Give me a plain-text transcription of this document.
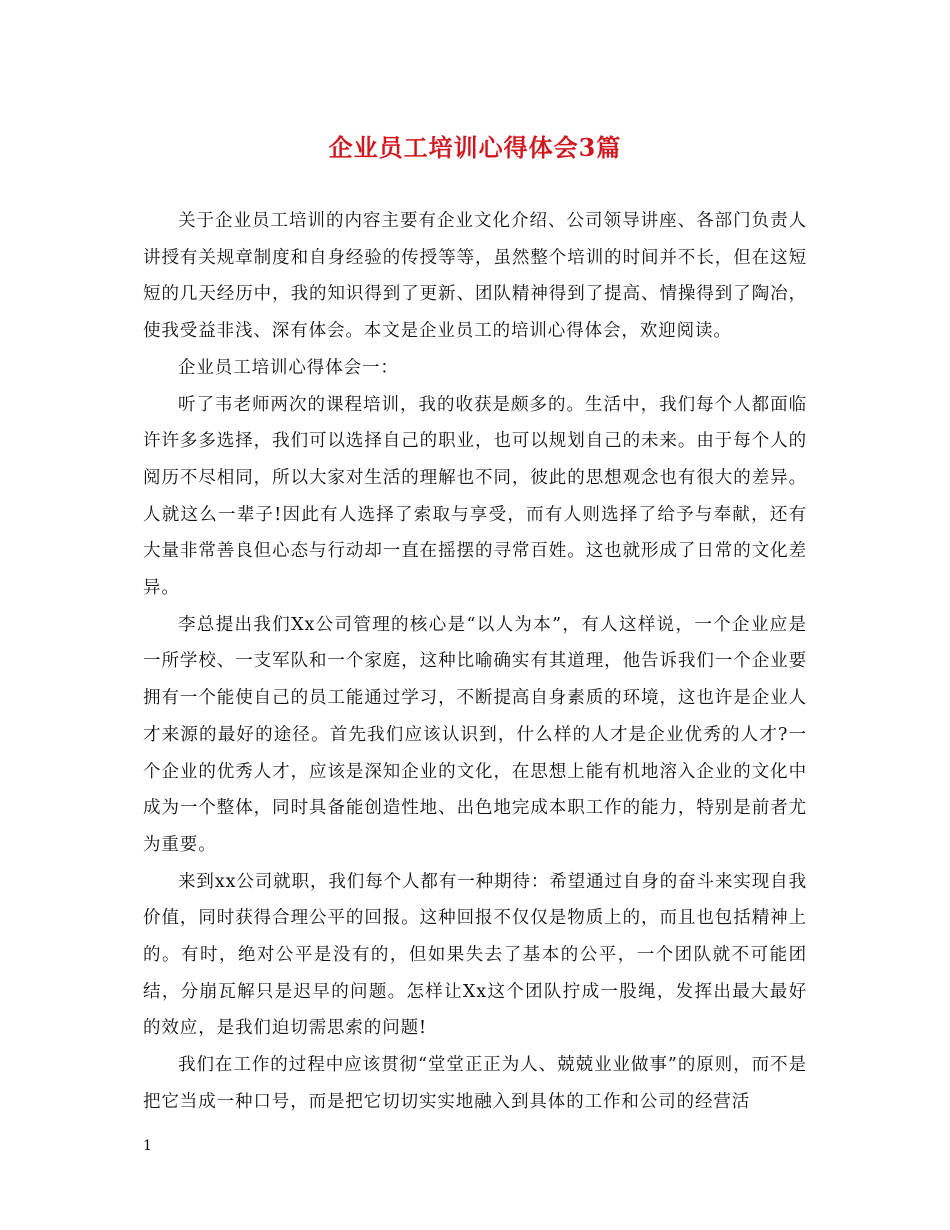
企业员工培训心得体会3篇

关于企业员工培训的内容主要有企业文化介绍、公司领导讲座、各部门负责人讲授有关规章制度和自身经验的传授等等，虽然整个培训的时间并不长，但在这短短的几天经历中，我的知识得到了更新、团队精神得到了提高、情操得到了陶冶，使我受益非浅、深有体会。本文是企业员工的培训心得体会，欢迎阅读。

企业员工培训心得体会一：

听了韦老师两次的课程培训，我的收获是颇多的。生活中，我们每个人都面临许许多多选择，我们可以选择自己的职业，也可以规划自己的未来。由于每个人的阅历不尽相同，所以大家对生活的理解也不同，彼此的思想观念也有很大的差异。人就这么一辈子!因此有人选择了索取与享受，而有人则选择了给予与奉献，还有大量非常善良但心态与行动却一直在摇摆的寻常百姓。这也就形成了日常的文化差异。

李总提出我们Xx公司管理的核心是“以人为本”，有人这样说，一个企业应是一所学校、一支军队和一个家庭，这种比喻确实有其道理，他告诉我们一个企业要拥有一个能使自己的员工能通过学习，不断提高自身素质的环境，这也许是企业人才来源的最好的途径。首先我们应该认识到，什么样的人才是企业优秀的人才?一个企业的优秀人才，应该是深知企业的文化，在思想上能有机地溶入企业的文化中成为一个整体，同时具备能创造性地、出色地完成本职工作的能力，特别是前者尤为重要。

来到xx公司就职，我们每个人都有一种期待：希望通过自身的奋斗来实现自我价值，同时获得合理公平的回报。这种回报不仅仅是物质上的，而且也包括精神上的。有时，绝对公平是没有的，但如果失去了基本的公平，一个团队就不可能团结，分崩瓦解只是迟早的问题。怎样让Xx这个团队拧成一股绳，发挥出最大最好的效应，是我们迫切需思索的问题!

我们在工作的过程中应该贯彻“堂堂正正为人、兢兢业业做事”的原则，而不是把它当成一种口号，而是把它切切实实地融入到具体的工作和公司的经营活

1
